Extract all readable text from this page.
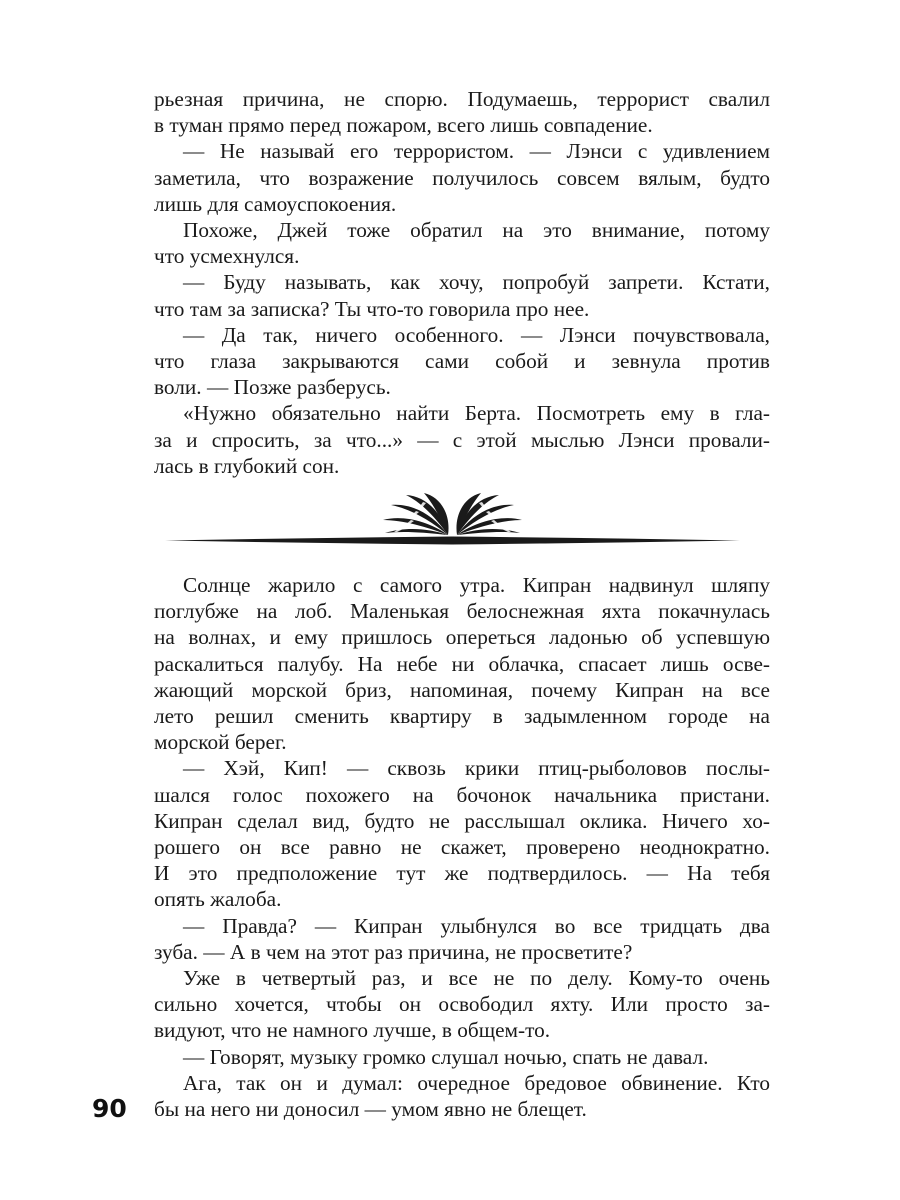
рьезная причина, не спорю. Подумаешь, террорист свалил

в туман прямо перед пожаром, всего лишь совпадение.

— Не называй его террористом. — Лэнси с удивлением

заметила, что возражение получилось совсем вялым, будто

лишь для самоуспокоения.

Похоже, Джей тоже обратил на это внимание, потому

что усмехнулся.

— Буду называть, как хочу, попробуй запрети. Кстати,

что там за записка? Ты что-то говорила про нее.

— Да так, ничего особенного. — Лэнси почувствовала,

что глаза закрываются сами собой и зевнула против

воли. — Позже разберусь.

«Нужно обязательно найти Берта. Посмотреть ему в гла-

за и спросить, за что...» — с этой мыслью Лэнси провали-

лась в глубокий сон.

Солнце жарило с самого утра. Кипран надвинул шляпу

поглубже на лоб. Маленькая белоснежная яхта покачнулась

на волнах, и ему пришлось опереться ладонью об успевшую

раскалиться палубу. На небе ни облачка, спасает лишь осве-

жающий морской бриз, напоминая, почему Кипран на все

лето решил сменить квартиру в задымленном городе на

морской берег.

— Хэй, Кип! — сквозь крики птиц-рыболовов послы-

шался голос похожего на бочонок начальника пристани.

Кипран сделал вид, будто не расслышал оклика. Ничего хо-

рошего он все равно не скажет, проверено неоднократно.

И это предположение тут же подтвердилось. — На тебя

опять жалоба.

— Правда? — Кипран улыбнулся во все тридцать два

зуба. — А в чем на этот раз причина, не просветите?

Уже в четвертый раз, и все не по делу. Кому-то очень

сильно хочется, чтобы он освободил яхту. Или просто за-

видуют, что не намного лучше, в общем-то.

— Говорят, музыку громко слушал ночью, спать не давал.

Ага, так он и думал: очередное бредовое обвинение. Кто

бы на него ни доносил — умом явно не блещет.

90
